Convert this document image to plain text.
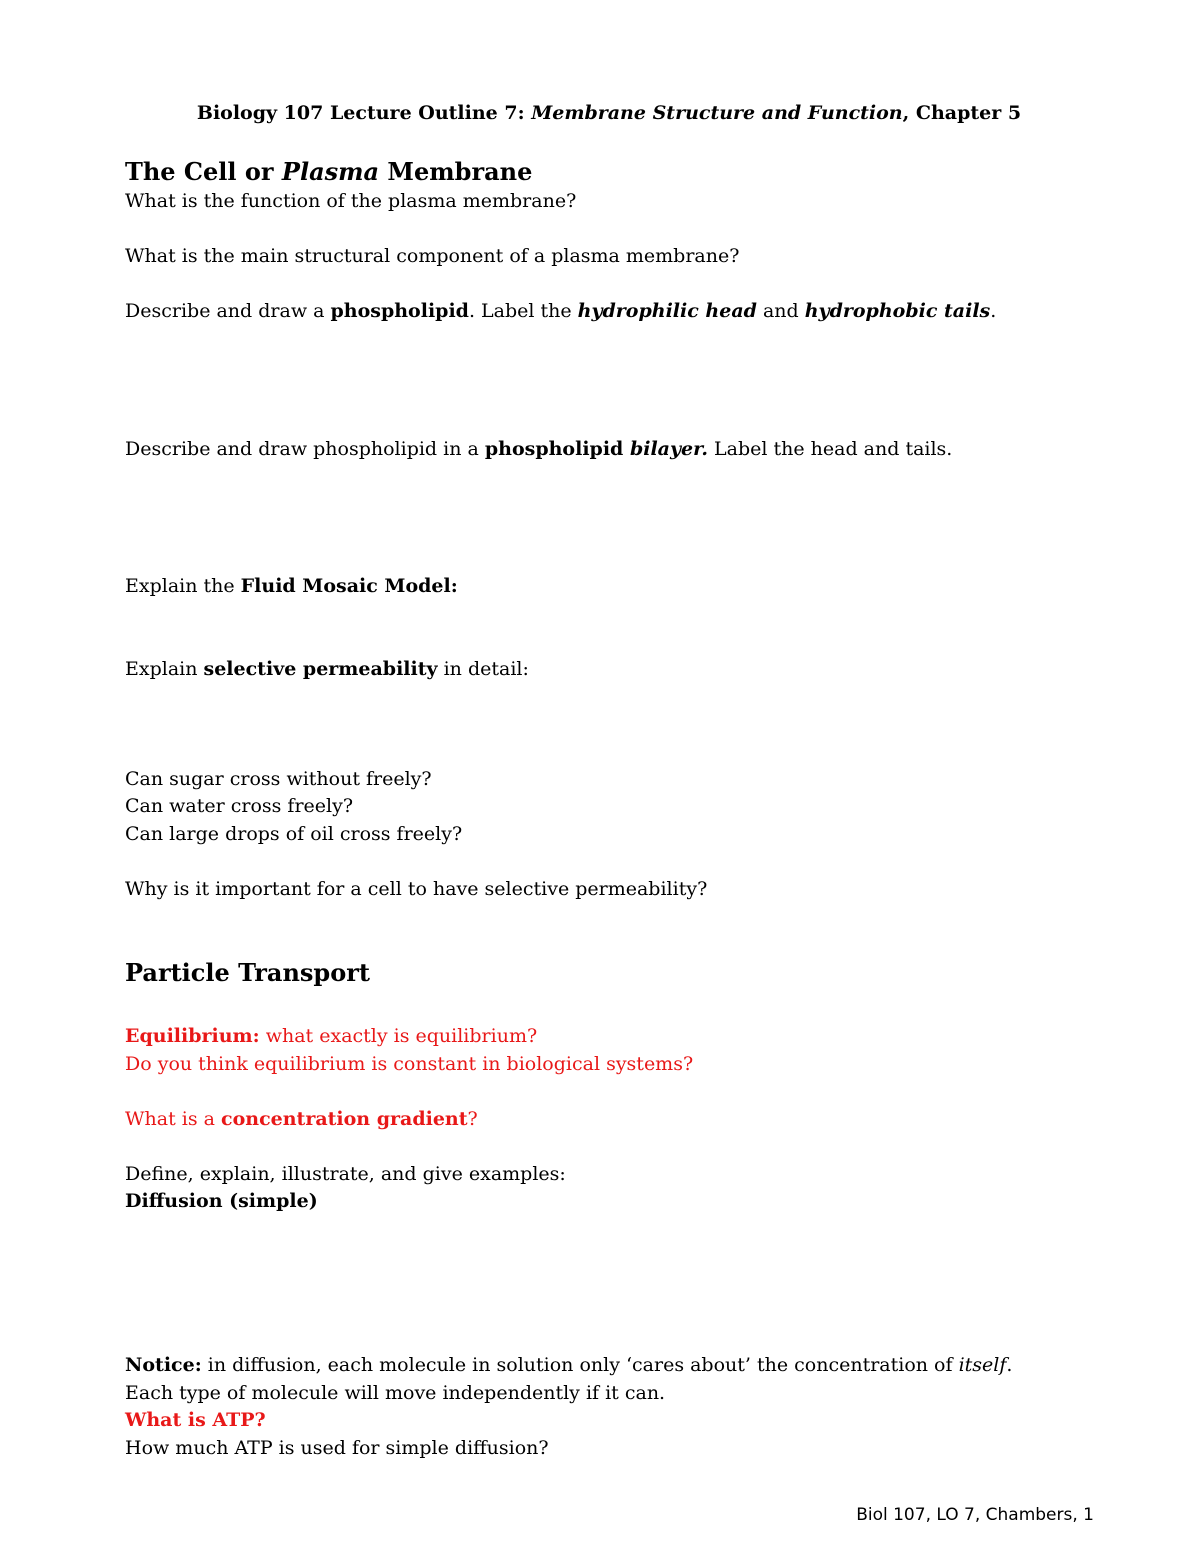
Biology 107 Lecture Outline 7: Membrane Structure and Function, Chapter 5
The Cell or Plasma Membrane
What is the function of the plasma membrane?
What is the main structural component of a plasma membrane?
Describe and draw a phospholipid. Label the hydrophilic head and hydrophobic tails.
Describe and draw phospholipid in a phospholipid bilayer. Label the head and tails.
Explain the Fluid Mosaic Model:
Explain selective permeability in detail:
Can sugar cross without freely?
Can water cross freely?
Can large drops of oil cross freely?
Why is it important for a cell to have selective permeability?
Particle Transport
Equilibrium: what exactly is equilibrium?
Do you think equilibrium is constant in biological systems?
What is a concentration gradient?
Define, explain, illustrate, and give examples:
Diffusion (simple)
Notice: in diffusion, each molecule in solution only ‘cares about’ the concentration of itself.
Each type of molecule will move independently if it can.
What is ATP?
How much ATP is used for simple diffusion?
Biol 107, LO 7, Chambers, 1
